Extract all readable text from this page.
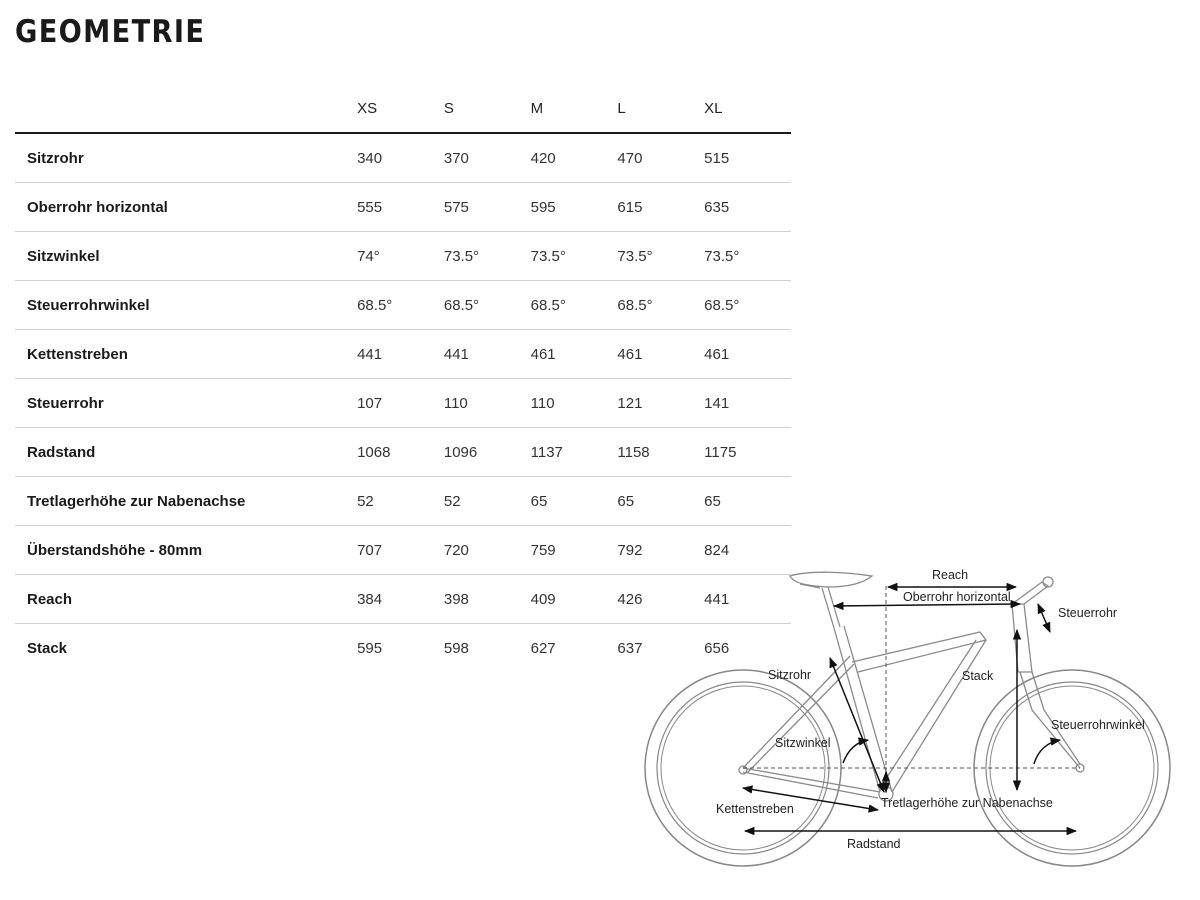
GEOMETRIE
	XS	S	M	L	XL
Sitzrohr	340	370	420	470	515
Oberrohr horizontal	555	575	595	615	635
Sitzwinkel	74°	73.5°	73.5°	73.5°	73.5°
Steuerrohrwinkel	68.5°	68.5°	68.5°	68.5°	68.5°
Kettenstreben	441	441	461	461	461
Steuerrohr	107	110	110	121	141
Radstand	1068	1096	1137	1158	1175
Tretlagerhöhe zur Nabenachse	52	52	65	65	65
Überstandshöhe - 80mm	707	720	759	792	824
Reach	384	398	409	426	441
Stack	595	598	627	637	656
Reach
Oberrohr horizontal
Steuerrohr
Sitzrohr	Stack
Sitzwinkel
Steuerrohrwinkel
Kettenstreben	Tretlagerhöhe zur Nabenachse
Radstand
